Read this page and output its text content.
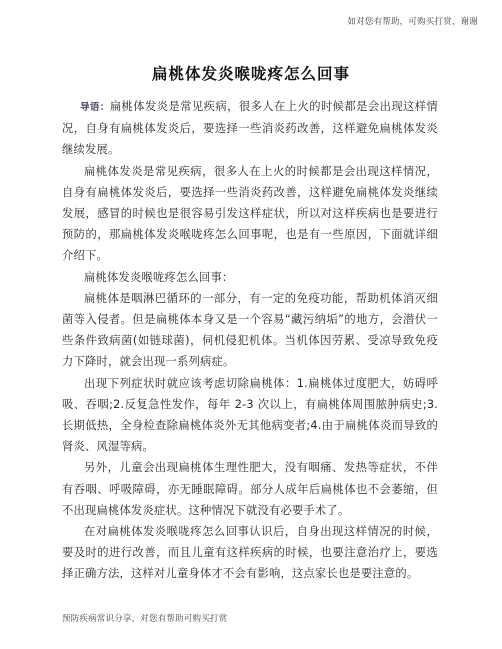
如对您有帮助，可购买打赏，谢谢
扁桃体发炎喉咙疼怎么回事

导语：扁桃体发炎是常见疾病，很多人在上火的时候都是会出现这样情况，自身有扁桃体发炎后，要选择一些消炎药改善，这样避免扁桃体发炎继续发展。

扁桃体发炎是常见疾病，很多人在上火的时候都是会出现这样情况，自身有扁桃体发炎后，要选择一些消炎药改善，这样避免扁桃体发炎继续发展，感冒的时候也是很容易引发这样症状，所以对这样疾病也是要进行预防的，那扁桃体发炎喉咙疼怎么回事呢，也是有一些原因，下面就详细介绍下。

扁桃体发炎喉咙疼怎么回事：

扁桃体是咽淋巴循环的一部分，有一定的免疫功能，帮助机体消灭细菌等入侵者。但是扁桃体本身又是一个容易“藏污纳垢”的地方，会潜伏一些条件致病菌(如链球菌)，伺机侵犯机体。当机体因劳累、受凉导致免疫力下降时，就会出现一系列病症。

出现下列症状时就应该考虑切除扁桃体：1.扁桃体过度肥大，妨碍呼吸、吞咽;2.反复急性发作，每年 2-3 次以上，有扁桃体周围脓肿病史;3.长期低热，全身检查除扁桃体炎外无其他病变者;4.由于扁桃体炎而导致的肾炎、风湿等病。

另外，儿童会出现扁桃体生理性肥大，没有咽痛、发热等症状，不伴有吞咽、呼吸障碍，亦无睡眠障碍。部分人成年后扁桃体也不会萎缩，但不出现扁桃体发炎症状。这种情况下就没有必要手术了。

在对扁桃体发炎喉咙疼怎么回事认识后，自身出现这样情况的时候，要及时的进行改善，而且儿童有这样疾病的时候，也要注意治疗上，要选择正确方法，这样对儿童身体才不会有影响，这点家长也是要注意的。

预防疾病常识分享，对您有帮助可购买打赏
